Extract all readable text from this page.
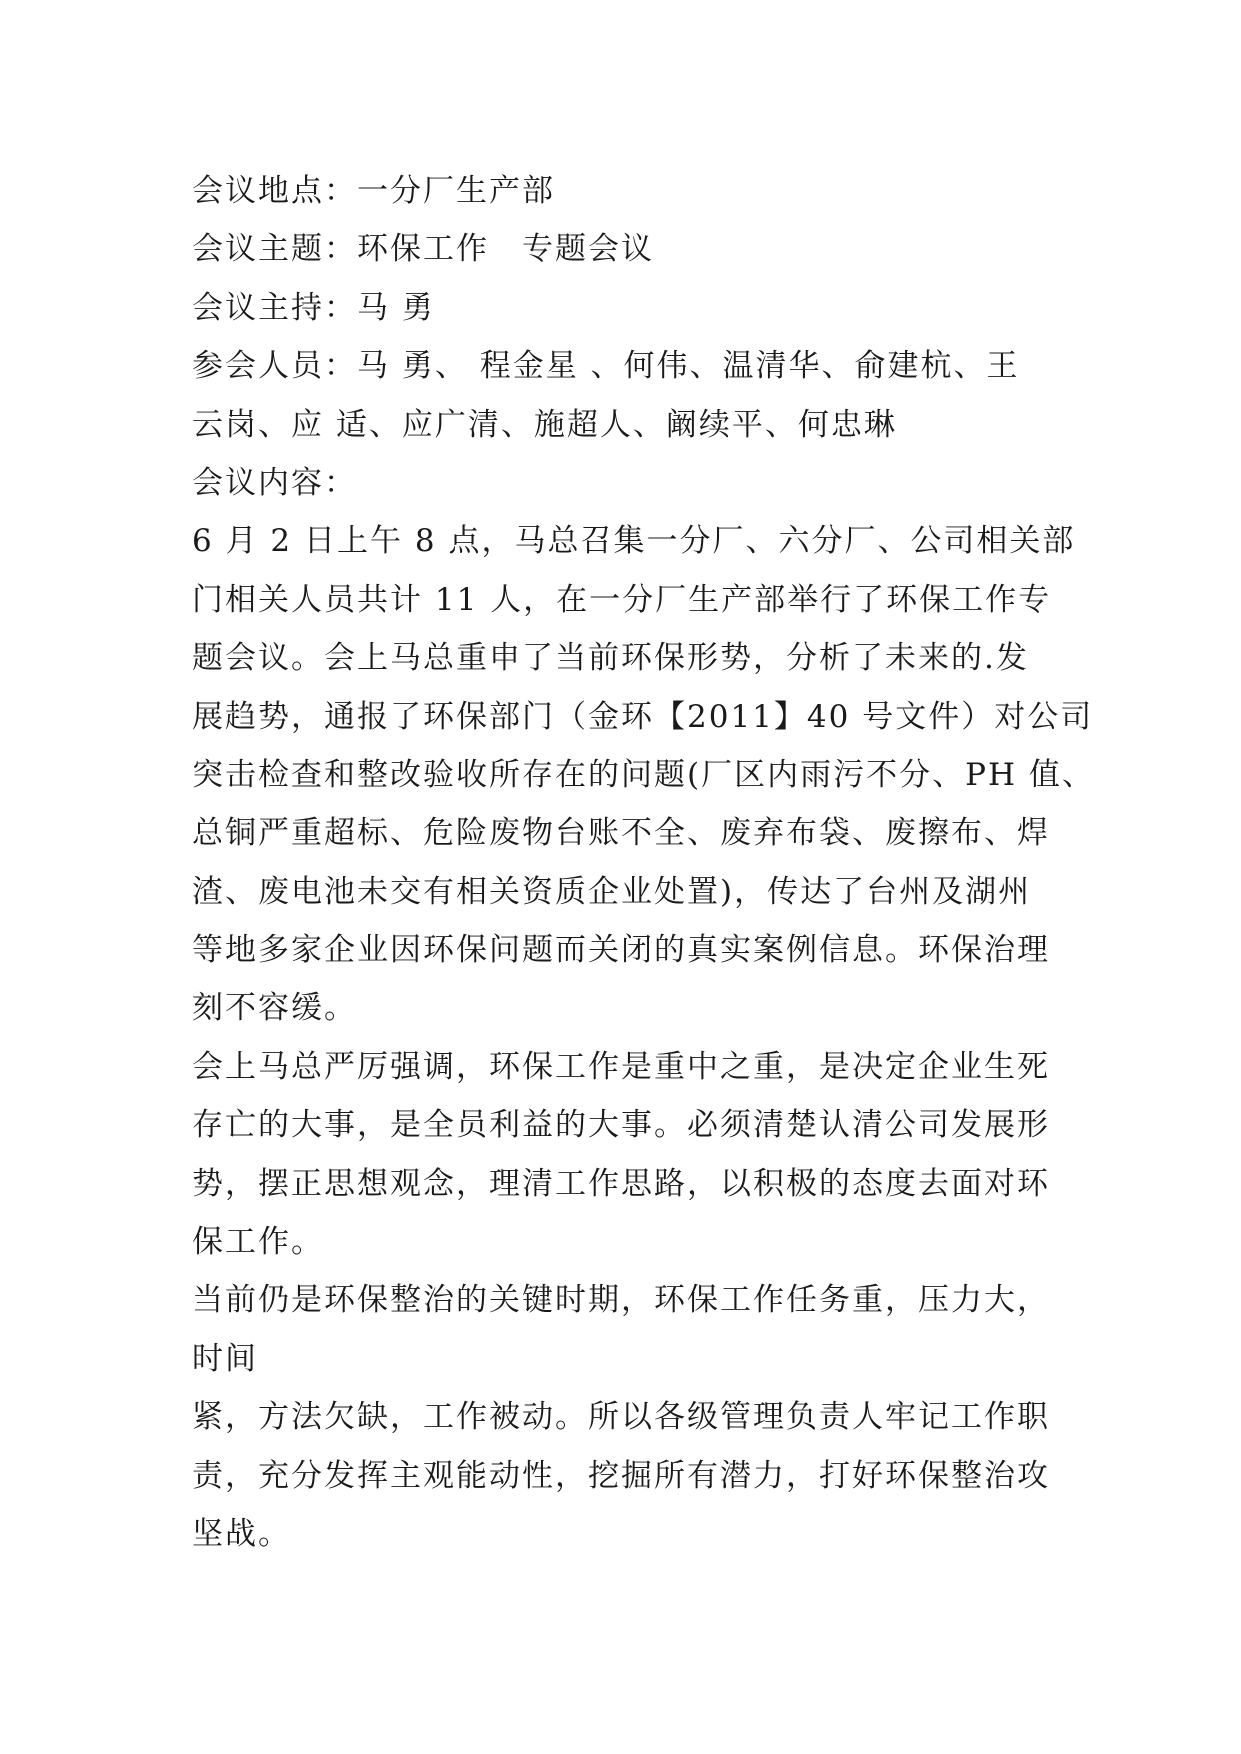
会议地点：一分厂生产部
会议主题：环保工作　专题会议
会议主持：马 勇
参会人员：马 勇、 程金星 、何伟、温清华、俞建杭、王
云岗、应 适、应广清、施超人、阚续平、何忠琳
会议内容：
6 月 2 日上午 8 点，马总召集一分厂、六分厂、公司相关部
门相关人员共计 11 人，在一分厂生产部举行了环保工作专
题会议。会上马总重申了当前环保形势，分析了未来的.发
展趋势，通报了环保部门（金环【2011】40 号文件）对公司
突击检查和整改验收所存在的问题(厂区内雨污不分、PH 值、
总铜严重超标、危险废物台账不全、废弃布袋、废擦布、焊
渣、废电池未交有相关资质企业处置)，传达了台州及湖州
等地多家企业因环保问题而关闭的真实案例信息。环保治理
刻不容缓。
会上马总严厉强调，环保工作是重中之重，是决定企业生死
存亡的大事，是全员利益的大事。必须清楚认清公司发展形
势，摆正思想观念，理清工作思路，以积极的态度去面对环
保工作。
当前仍是环保整治的关键时期，环保工作任务重，压力大，
时间
紧，方法欠缺，工作被动。所以各级管理负责人牢记工作职
责，充分发挥主观能动性，挖掘所有潜力，打好环保整治攻
坚战。
